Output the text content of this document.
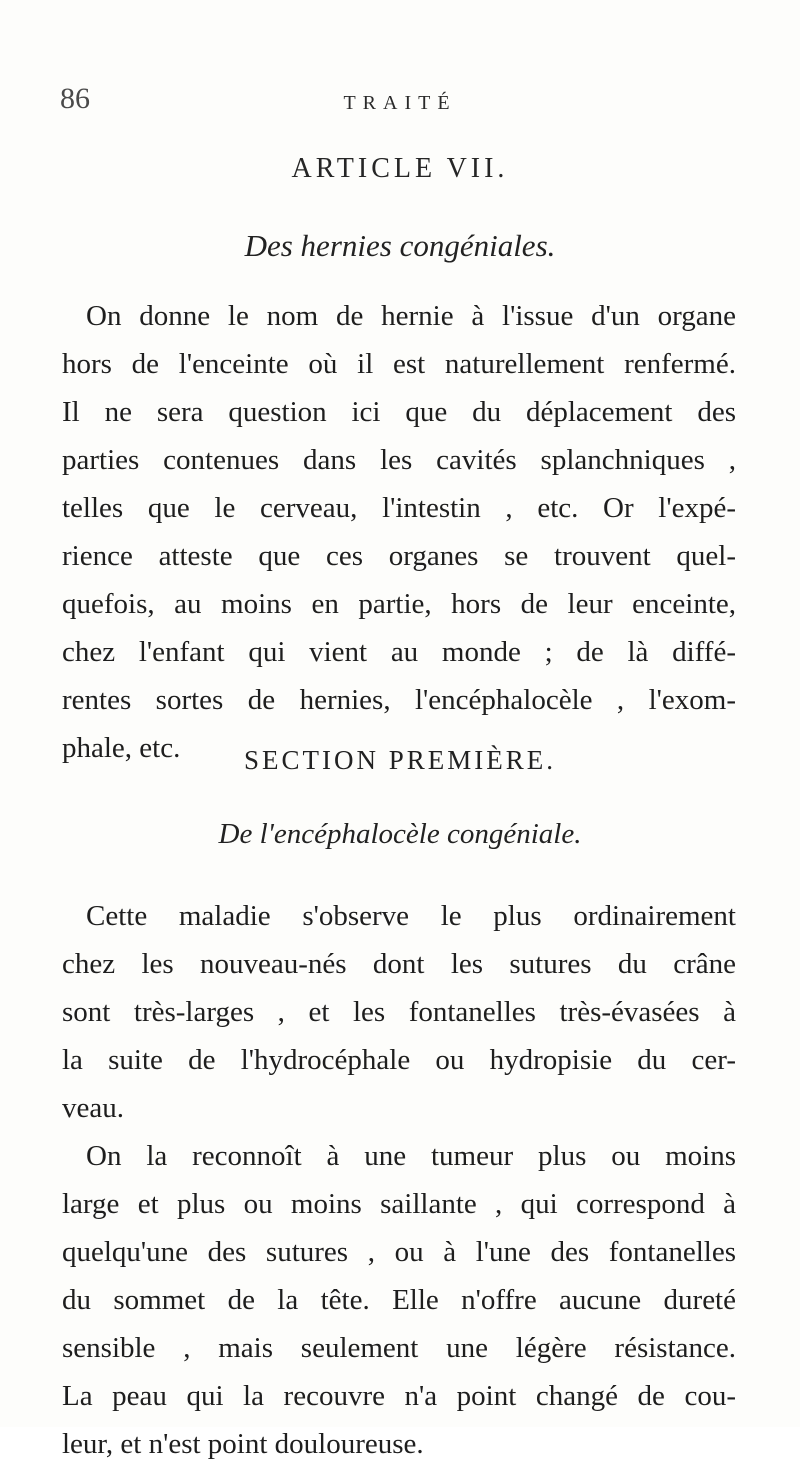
86	TRAITÉ
ARTICLE VII.
Des hernies congéniales.
On donne le nom de hernie à l'issue d'un organe
hors de l'enceinte où il est naturellement renfermé.
Il ne sera question ici que du déplacement des
parties contenues dans les cavités splanchniques ,
telles que le cerveau, l'intestin , etc. Or l'expé-
rience atteste que ces organes se trouvent quel-
quefois, au moins en partie, hors de leur enceinte,
chez l'enfant qui vient au monde ; de là diffé-
rentes sortes de hernies, l'encéphalocèle , l'exom-
phale, etc.	SECTION PREMIÈRE.
De l'encéphalocèle congéniale.
Cette maladie s'observe le plus ordinairement
chez les nouveau-nés dont les sutures du crâne
sont très-larges , et les fontanelles très-évasées à
la suite de l'hydrocéphale ou hydropisie du cer-
veau.
On la reconnoît à une tumeur plus ou moins
large et plus ou moins saillante , qui correspond à
quelqu'une des sutures , ou à l'une des fontanelles
du sommet de la tête. Elle n'offre aucune dureté
sensible , mais seulement une légère résistance.
La peau qui la recouvre n'a point changé de cou-
leur, et n'est point douloureuse.
